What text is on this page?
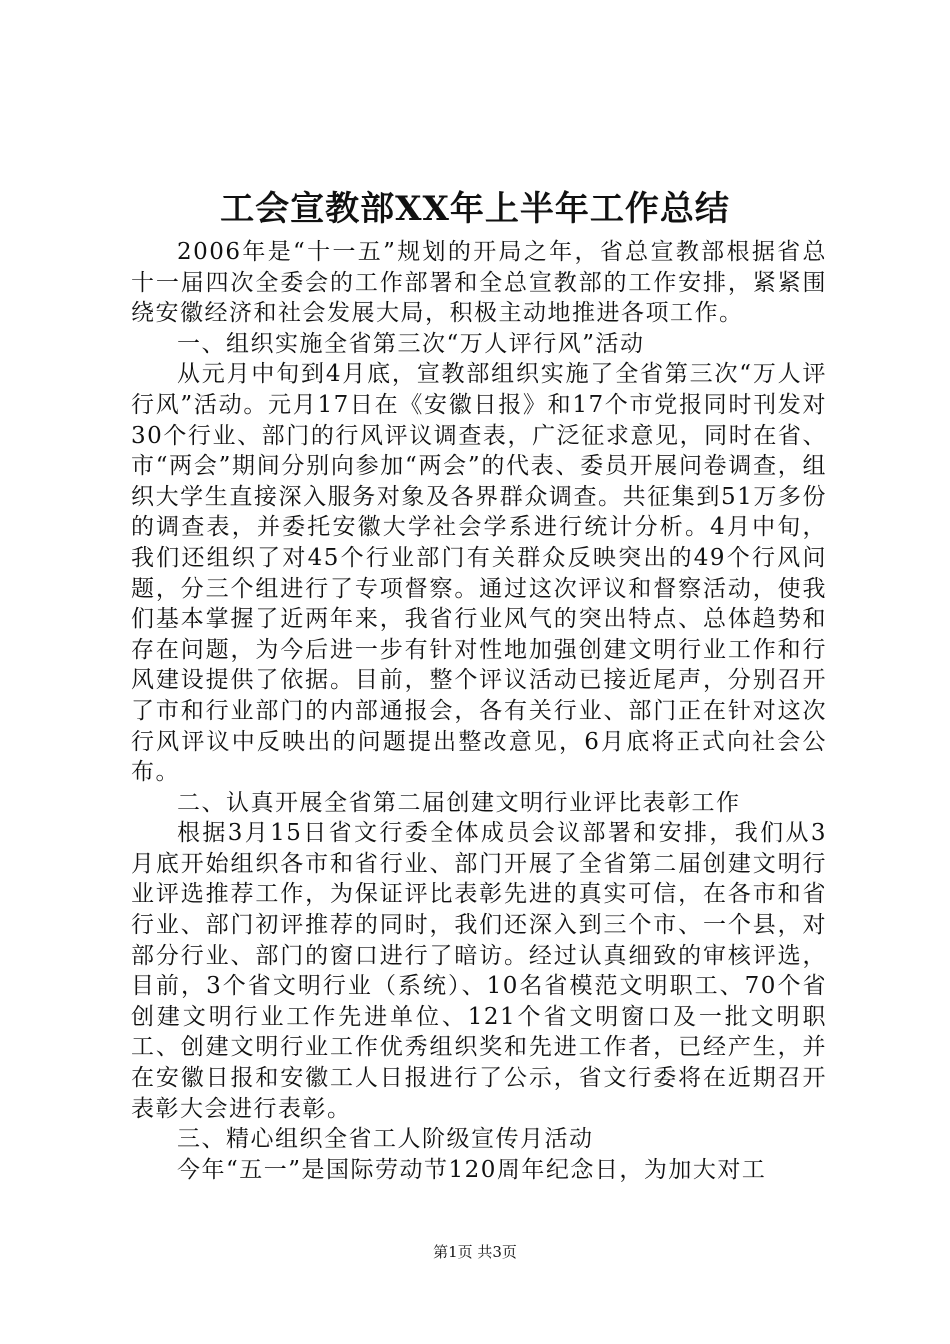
工会宣教部XX年上半年工作总结

2006年是“十一五”规划的开局之年，省总宣教部根据省总十一届四次全委会的工作部署和全总宣教部的工作安排，紧紧围绕安徽经济和社会发展大局，积极主动地推进各项工作。

一、组织实施全省第三次“万人评行风”活动

从元月中旬到4月底，宣教部组织实施了全省第三次“万人评行风”活动。元月17日在《安徽日报》和17个市党报同时刊发对30个行业、部门的行风评议调查表，广泛征求意见，同时在省、市“两会”期间分别向参加“两会”的代表、委员开展问卷调查，组织大学生直接深入服务对象及各界群众调查。共征集到51万多份的调查表，并委托安徽大学社会学系进行统计分析。4月中旬，我们还组织了对45个行业部门有关群众反映突出的49个行风问题，分三个组进行了专项督察。通过这次评议和督察活动，使我们基本掌握了近两年来，我省行业风气的突出特点、总体趋势和存在问题，为今后进一步有针对性地加强创建文明行业工作和行风建设提供了依据。目前，整个评议活动已接近尾声，分别召开了市和行业部门的内部通报会，各有关行业、部门正在针对这次行风评议中反映出的问题提出整改意见，6月底将正式向社会公布。

二、认真开展全省第二届创建文明行业评比表彰工作

根据3月15日省文行委全体成员会议部署和安排，我们从3月底开始组织各市和省行业、部门开展了全省第二届创建文明行业评选推荐工作，为保证评比表彰先进的真实可信，在各市和省行业、部门初评推荐的同时，我们还深入到三个市、一个县，对部分行业、部门的窗口进行了暗访。经过认真细致的审核评选，目前，3个省文明行业（系统）、10名省模范文明职工、70个省创建文明行业工作先进单位、121个省文明窗口及一批文明职工、创建文明行业工作优秀组织奖和先进工作者，已经产生，并在安徽日报和安徽工人日报进行了公示，省文行委将在近期召开表彰大会进行表彰。

三、精心组织全省工人阶级宣传月活动

今年“五一”是国际劳动节120周年纪念日，为加大对工

第1页 共3页
